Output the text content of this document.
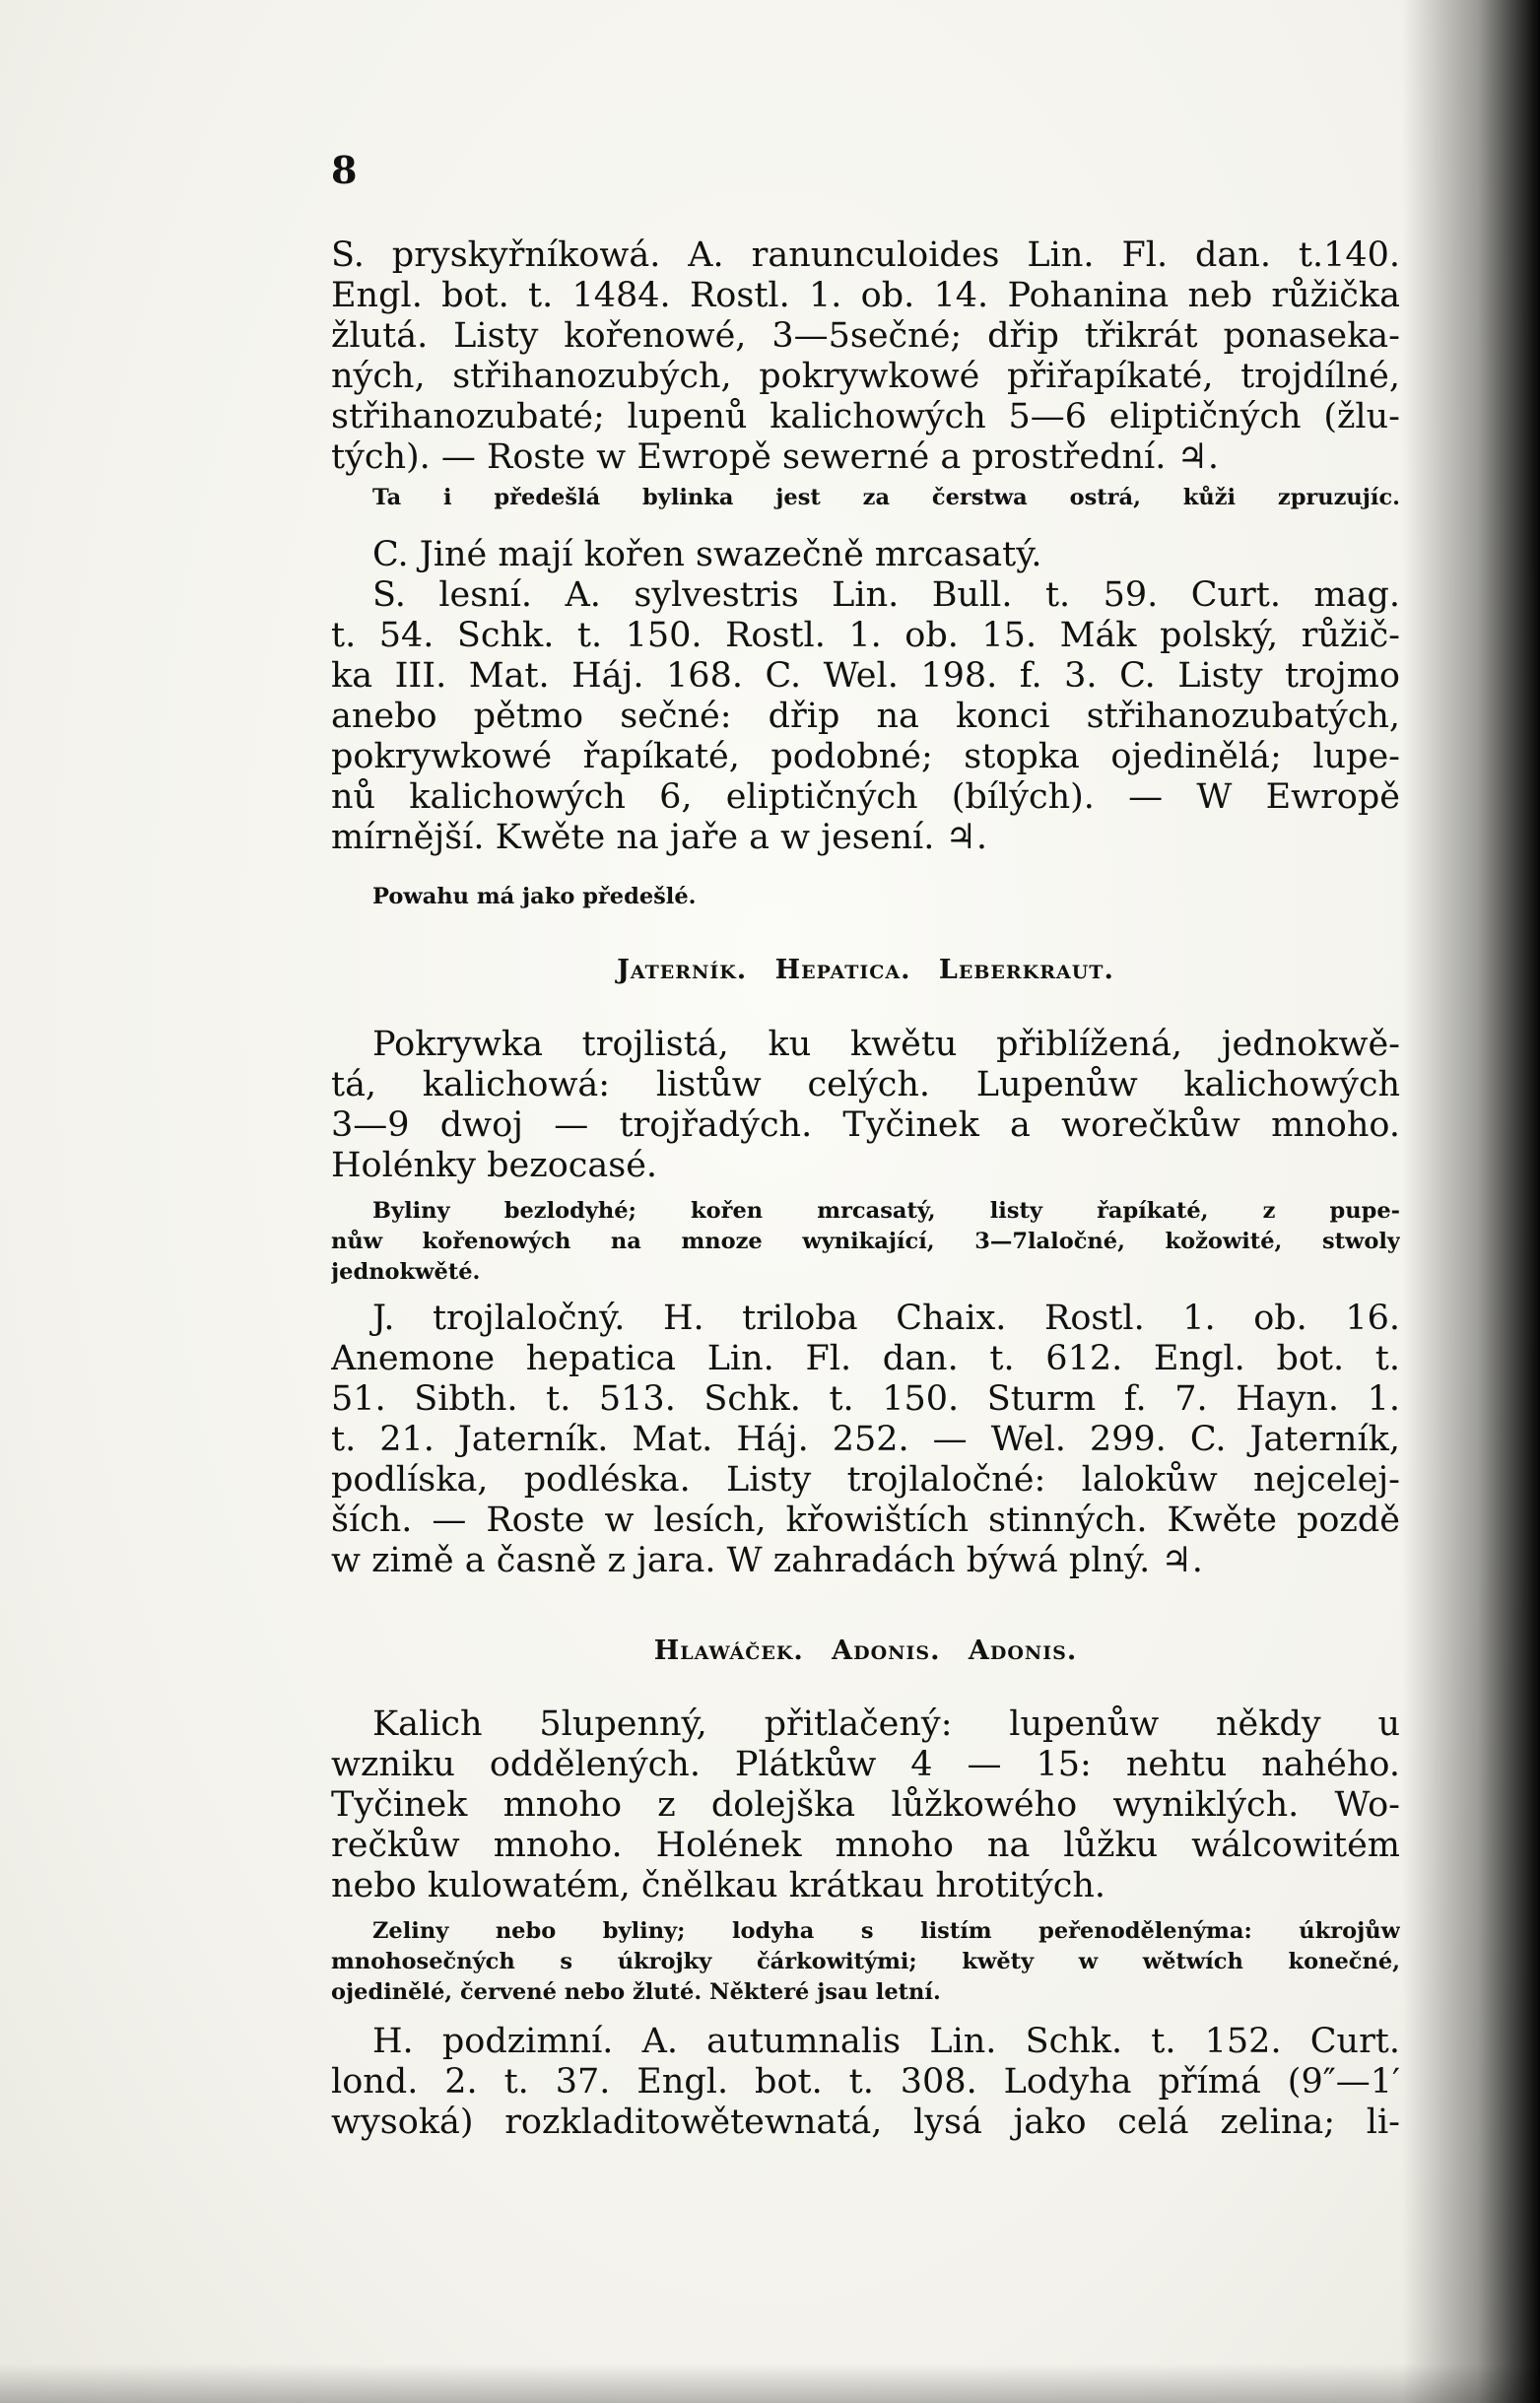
8
S. pryskyřníkowá. A. ranunculoides Lin. Fl. dan. t.140.
Engl. bot. t. 1484. Rostl. 1. ob. 14. Pohanina neb růžička
žlutá. Listy kořenowé, 3—5sečné; dřip třikrát ponaseka-
ných, střihanozubých, pokrywkowé přiřapíkaté, trojdílné,
střihanozubaté; lupenů kalichowých 5—6 eliptičných (žlu-
tých). — Roste w Ewropě sewerné a prostřední. ♃.
Ta i předešlá bylinka jest za čerstwa ostrá, kůži zpruzujíc.
C. Jiné mají kořen swazečně mrcasatý.
S. lesní. A. sylvestris Lin. Bull. t. 59. Curt. mag.
t. 54. Schk. t. 150. Rostl. 1. ob. 15. Mák polský, růžič-
ka III. Mat. Háj. 168. C. Wel. 198. f. 3. C. Listy trojmo
anebo pětmo sečné: dřip na konci střihanozubatých,
pokrywkowé řapíkaté, podobné; stopka ojedinělá; lupe-
nů kalichowých 6, eliptičných (bílých). — W Ewropě
mírnější. Kwěte na jaře a w jesení. ♃.
Powahu má jako předešlé.
Jaterník. Hepatica. Leberkraut.
Pokrywka trojlistá, ku kwětu přiblížená, jednokwě-
tá, kalichowá: listůw celých. Lupenůw kalichowých
3—9 dwoj — trojřadých. Tyčinek a worečkůw mnoho.
Holénky bezocasé.
Byliny bezlodyhé; kořen mrcasatý, listy řapíkaté, z pupe-
nůw kořenowých na mnoze wynikající, 3—7laločné, kožowité, stwoly
jednokwěté.
J. trojlaločný. H. triloba Chaix. Rostl. 1. ob. 16.
Anemone hepatica Lin. Fl. dan. t. 612. Engl. bot. t.
51. Sibth. t. 513. Schk. t. 150. Sturm f. 7. Hayn. 1.
t. 21. Jaterník. Mat. Háj. 252. — Wel. 299. C. Jaterník,
podlíska, podléska. Listy trojlaločné: lalokůw nejcelej-
ších. — Roste w lesích, křowištích stinných. Kwěte pozdě
w zimě a časně z jara. W zahradách býwá plný. ♃.
Hlawáček. Adonis. Adonis.
Kalich 5lupenný, přitlačený: lupenůw někdy u
wzniku oddělených. Plátkůw 4 — 15: nehtu nahého.
Tyčinek mnoho z dolejška lůžkowého wyniklých. Wo-
rečkůw mnoho. Holének mnoho na lůžku wálcowitém
nebo kulowatém, čnělkau krátkau hrotitých.
Zeliny nebo byliny; lodyha s listím peřenodělenýma: úkrojůw
mnohosečných s úkrojky čárkowitými; kwěty w wětwích konečné,
ojedinělé, červené nebo žluté. Některé jsau letní.
H. podzimní. A. autumnalis Lin. Schk. t. 152. Curt.
lond. 2. t. 37. Engl. bot. t. 308. Lodyha přímá (9″—1′
wysoká) rozkladitowětewnatá, lysá jako celá zelina; li-
